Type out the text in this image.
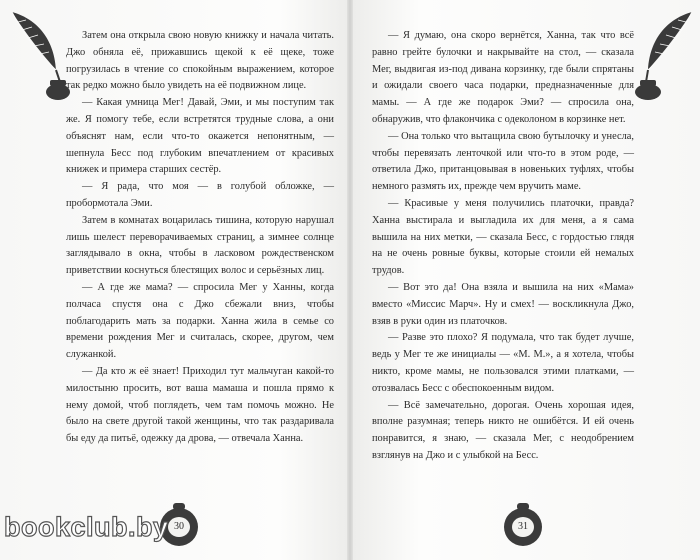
Затем она открыла свою новую книжку и начала читать. Джо обняла её, прижавшись щекой к её щеке, тоже погрузилась в чтение со спокойным выражением, которое так редко можно было увидеть на её подвижном лице.

— Какая умница Мег! Давай, Эми, и мы поступим так же. Я помогу тебе, если встретятся трудные слова, а они объяснят нам, если что-то окажется непонятным, — шепнула Бесс под глубоким впечатлением от красивых книжек и примера старших сестёр.

— Я рада, что моя — в голубой обложке, — пробормотала Эми.

Затем в комнатах воцарилась тишина, которую нарушал лишь шелест переворачиваемых страниц, а зимнее солнце заглядывало в окна, чтобы в ласковом рождественском приветствии коснуться блестящих волос и серьёзных лиц.

— А где же мама? — спросила Мег у Ханны, когда полчаса спустя она с Джо сбежали вниз, чтобы поблагодарить мать за подарки. Ханна жила в семье со времени рождения Мег и считалась, скорее, другом, чем служанкой.

— Да кто ж её знает! Приходил тут мальчуган какой-то милостыню просить, вот ваша мамаша и пошла прямо к нему домой, чтоб поглядеть, чем там помочь можно. Не было на свете другой такой женщины, что так раздаривала бы еду да питьё, одежку да дрова, — отвечала Ханна.

30

— Я думаю, она скоро вернётся, Ханна, так что всё равно грейте булочки и накрывайте на стол, — сказала Мег, выдвигая из-под дивана корзинку, где были спрятаны и ожидали своего часа подарки, предназначенные для мамы. — А где же подарок Эми? — спросила она, обнаружив, что флакончика с одеколоном в корзинке нет.

— Она только что вытащила свою бутылочку и унесла, чтобы перевязать ленточкой или что-то в этом роде, — ответила Джо, пританцовывая в новеньких туфлях, чтобы немного размять их, прежде чем вручить маме.

— Красивые у меня получились платочки, правда? Ханна выстирала и выгладила их для меня, а я сама вышила на них метки, — сказала Бесс, с гордостью глядя на не очень ровные буквы, которые стоили ей немалых трудов.

— Вот это да! Она взяла и вышила на них «Мама» вместо «Миссис Марч». Ну и смех! — воскликнула Джо, взяв в руки один из платочков.

— Разве это плохо? Я подумала, что так будет лучше, ведь у Мег те же инициалы — «М. М.», а я хотела, чтобы никто, кроме мамы, не пользовался этими платками, — отозвалась Бесс с обеспокоенным видом.

— Всё замечательно, дорогая. Очень хорошая идея, вполне разумная; теперь никто не ошибётся. И ей очень понравится, я знаю, — сказала Мег, с неодобрением взглянув на Джо и с улыбкой на Бесс.

31
bookclub.by
